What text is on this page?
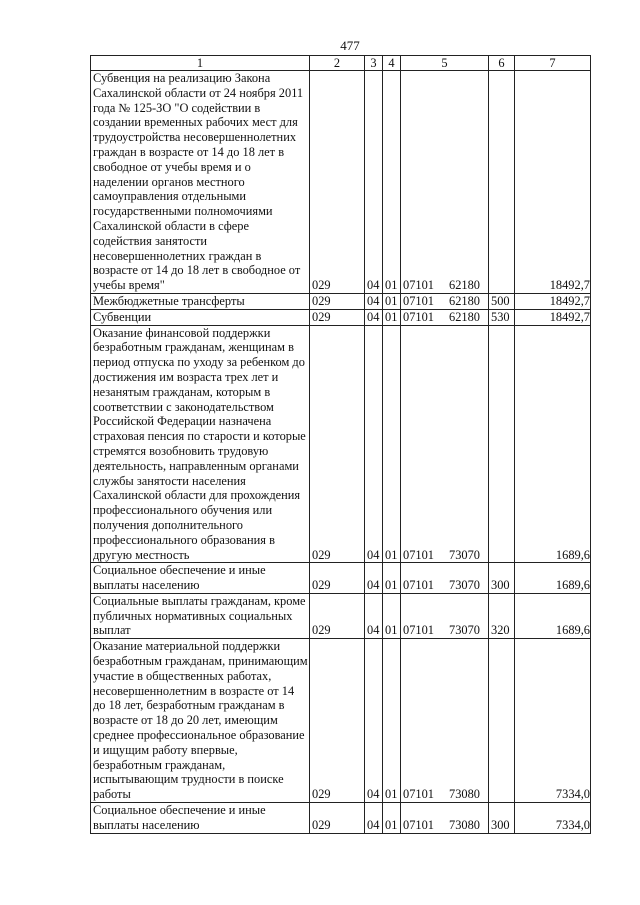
477
1	2	3	4	5	6	7
Субвенция на реализацию Закона Сахалинской области от 24 ноября 2011 года № 125-ЗО "О содействии в создании временных рабочих мест для трудоустройства несовершеннолетних граждан в возрасте от 14 до 18 лет в свободное от учебы время и о наделении органов местного самоуправления отдельными государственными полномочиями Сахалинской области в сфере содействия занятости несовершеннолетних граждан в возрасте от 14 до 18 лет в свободное от учебы время"	029	04	01	07101 62180		18492,7
Межбюджетные трансферты	029	04	01	07101 62180	500	18492,7
Субвенции	029	04	01	07101 62180	530	18492,7
Оказание финансовой поддержки безработным гражданам, женщинам в период отпуска по уходу за ребенком до достижения им возраста трех лет и незанятым гражданам, которым в соответствии с законодательством Российской Федерации назначена страховая пенсия по старости и которые стремятся возобновить трудовую деятельность, направленным органами службы занятости населения Сахалинской области для прохождения профессионального обучения или получения дополнительного профессионального образования в другую местность	029	04	01	07101 73070		1689,6
Социальное обеспечение и иные выплаты населению	029	04	01	07101 73070	300	1689,6
Социальные выплаты гражданам, кроме публичных нормативных социальных выплат	029	04	01	07101 73070	320	1689,6
Оказание материальной поддержки безработным гражданам, принимающим участие в общественных работах, несовершеннолетним в возрасте от 14 до 18 лет, безработным гражданам в возрасте от 18 до 20 лет, имеющим среднее профессиональное образование и ищущим работу впервые, безработным гражданам, испытывающим трудности в поиске работы	029	04	01	07101 73080		7334,0
Социальное обеспечение и иные выплаты населению	029	04	01	07101 73080	300	7334,0
